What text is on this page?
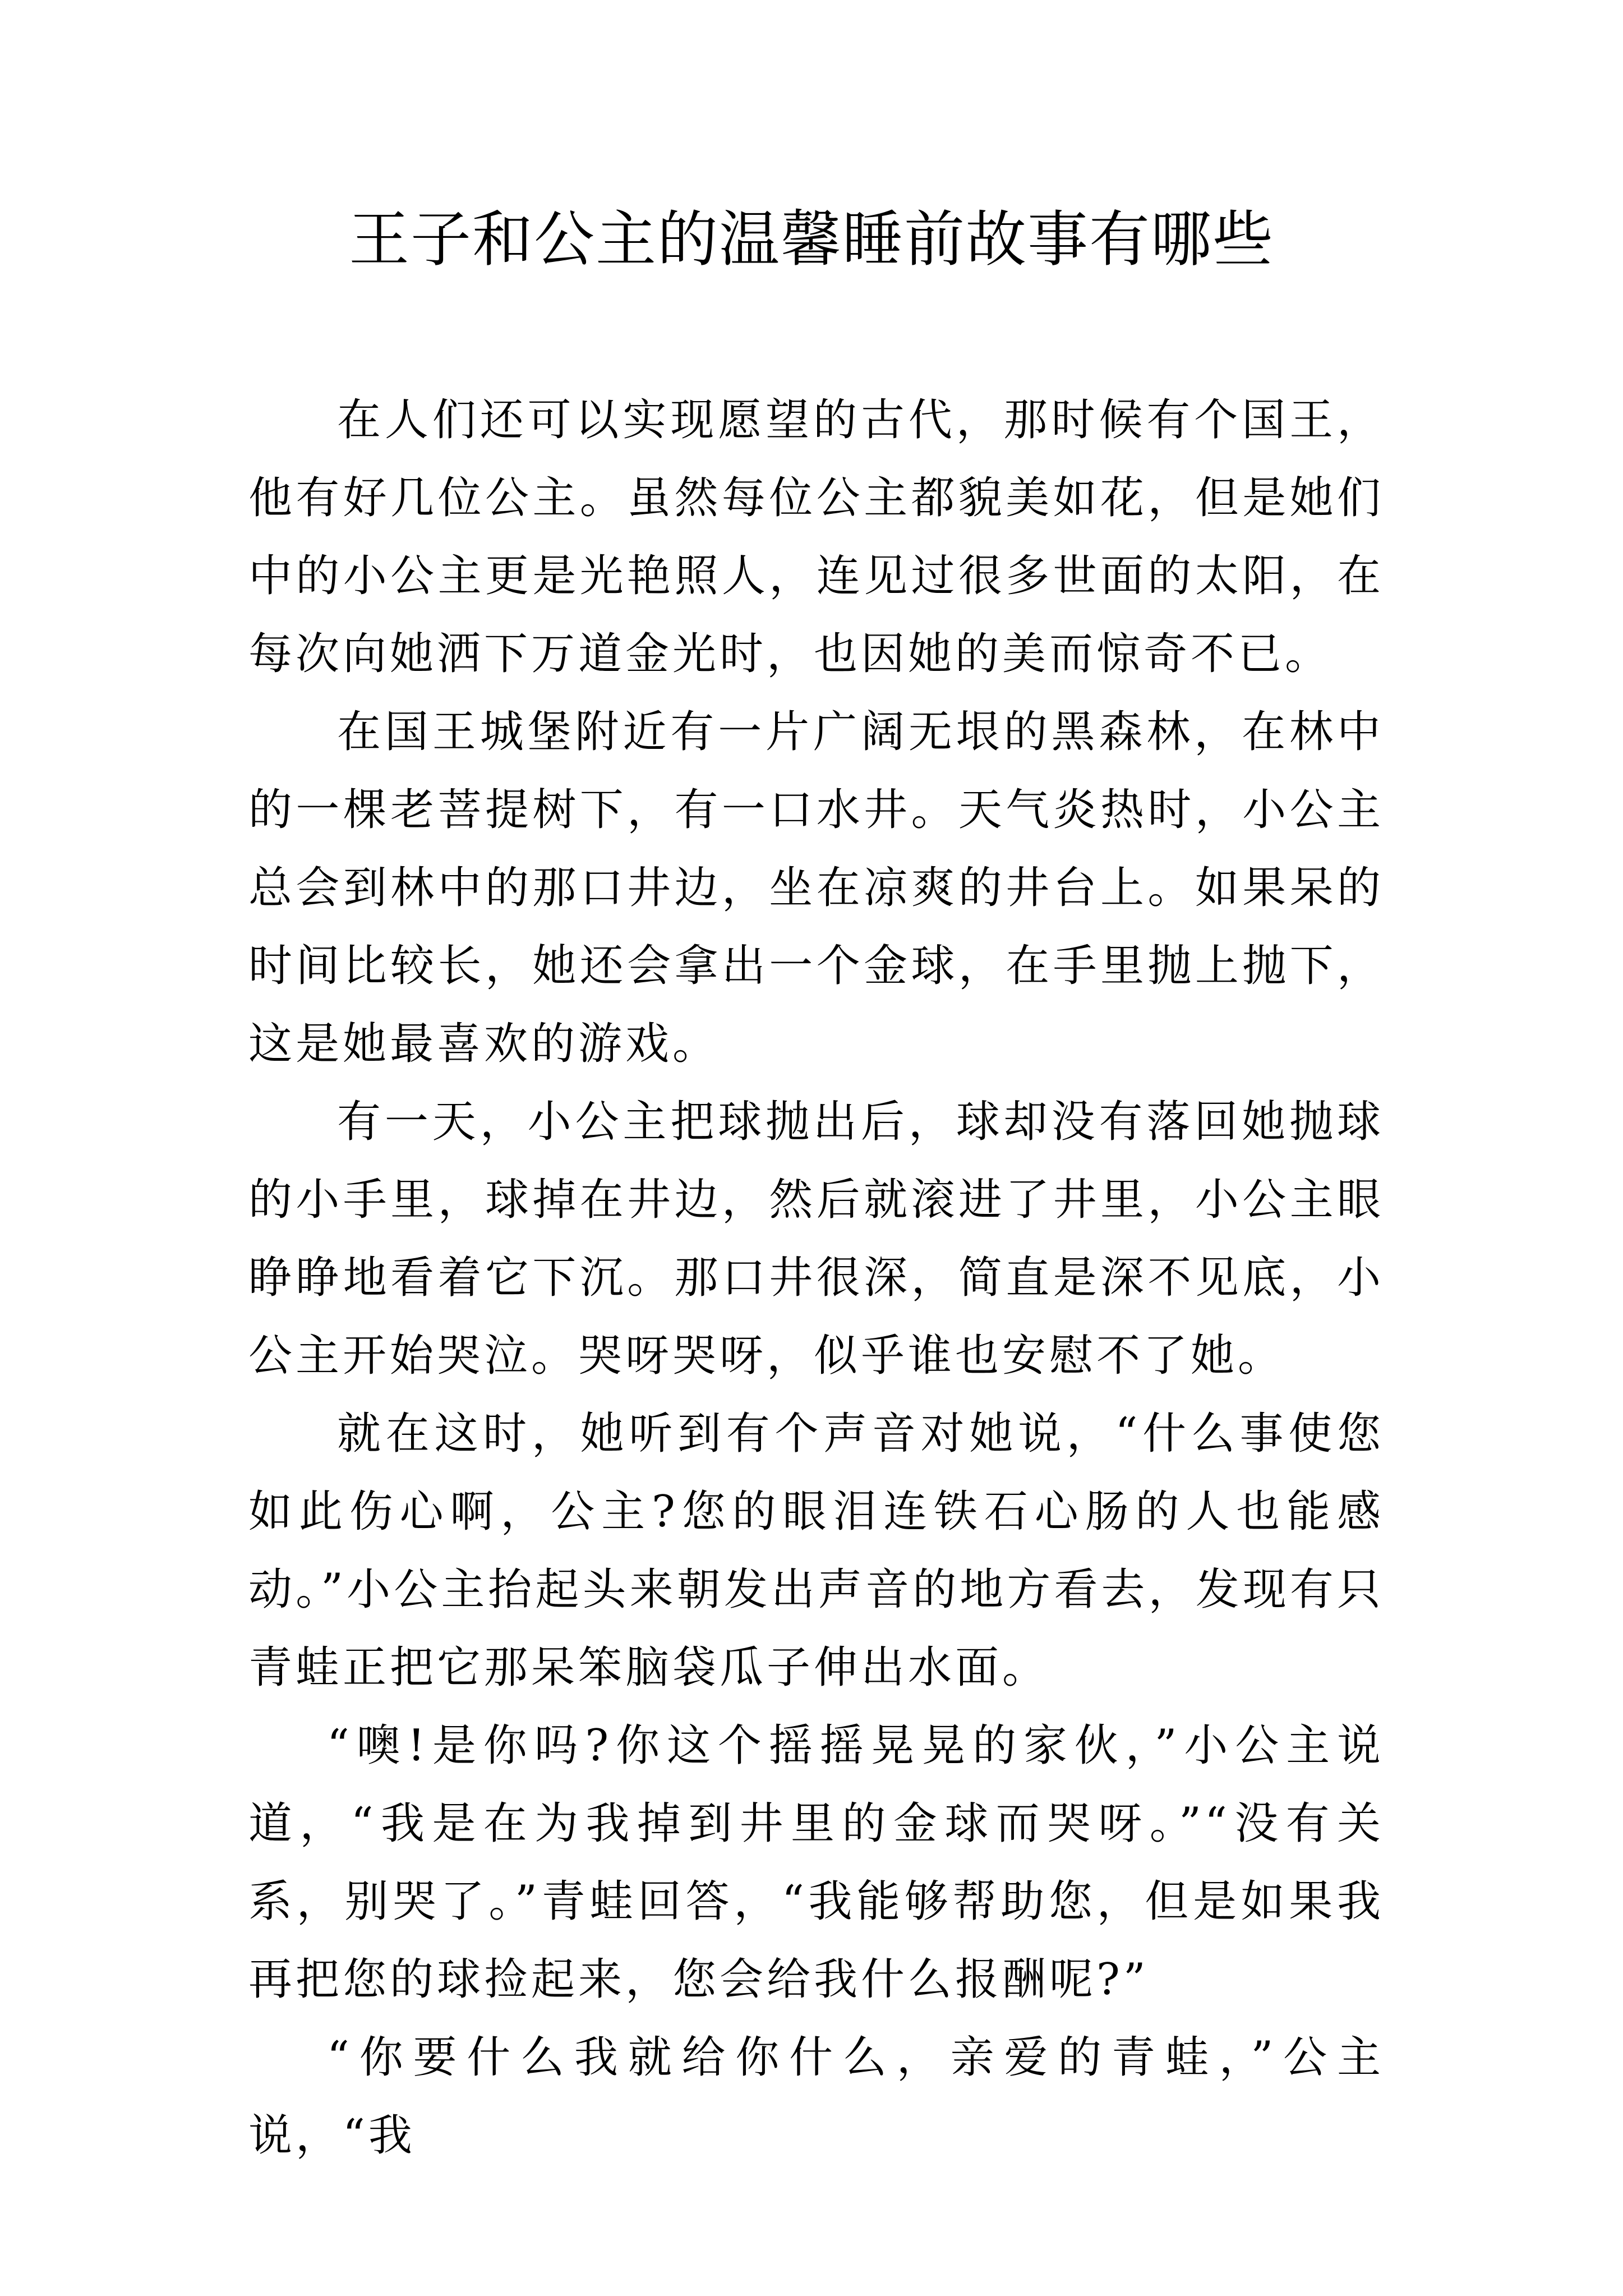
王子和公主的温馨睡前故事有哪些

在人们还可以实现愿望的古代，那时候有个国王，他有好几位公主。虽然每位公主都貌美如花，但是她们中的小公主更是光艳照人，连见过很多世面的太阳，在每次向她洒下万道金光时，也因她的美而惊奇不已。

在国王城堡附近有一片广阔无垠的黑森林，在林中的一棵老菩提树下，有一口水井。天气炎热时，小公主总会到林中的那口井边，坐在凉爽的井台上。如果呆的时间比较长，她还会拿出一个金球，在手里抛上抛下，这是她最喜欢的游戏。

有一天，小公主把球抛出后，球却没有落回她抛球的小手里，球掉在井边，然后就滚进了井里，小公主眼睁睁地看着它下沉。那口井很深，简直是深不见底，小公主开始哭泣。哭呀哭呀，似乎谁也安慰不了她。

就在这时，她听到有个声音对她说，“什么事使您如此伤心啊，公主?您的眼泪连铁石心肠的人也能感动。”小公主抬起头来朝发出声音的地方看去，发现有只青蛙正把它那呆笨脑袋瓜子伸出水面。

“噢!是你吗?你这个摇摇晃晃的家伙，”小公主说道，“我是在为我掉到井里的金球而哭呀。”“没有关系，别哭了。”青蛙回答，“我能够帮助您，但是如果我再把您的球捡起来，您会给我什么报酬呢?”

“你要什么我就给你什么，亲爱的青蛙，”公主说，“我
